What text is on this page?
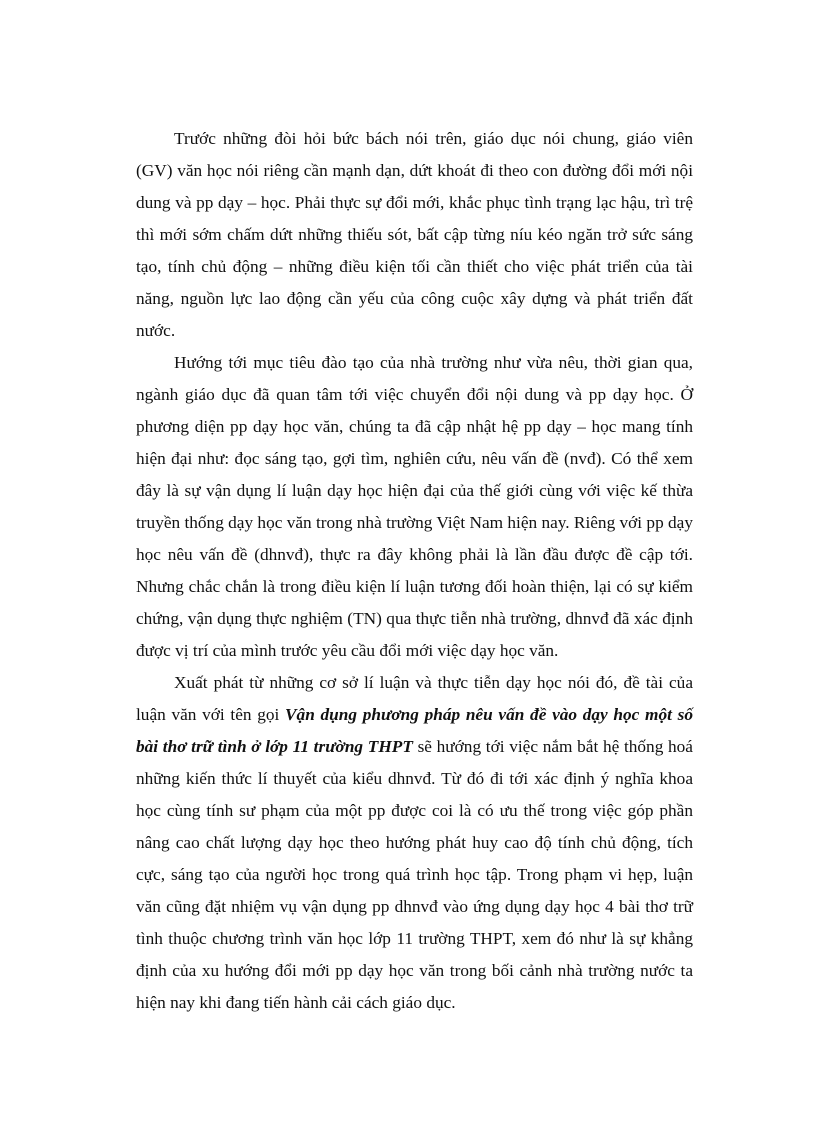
Trước những đòi hỏi bức bách nói trên, giáo dục nói chung, giáo viên (GV) văn học nói riêng cần mạnh dạn, dứt khoát đi theo con đường đổi mới nội dung và pp dạy – học. Phải thực sự đổi mới, khắc phục tình trạng lạc hậu, trì trệ thì mới sớm chấm dứt những thiếu sót, bất cập từng níu kéo ngăn trở sức sáng tạo, tính chủ động – những điều kiện tối cần thiết cho việc phát triển của tài năng, nguồn lực lao động cần yếu của công cuộc xây dựng và phát triển đất nước.

Hướng tới mục tiêu đào tạo của nhà trường như vừa nêu, thời gian qua, ngành giáo dục đã quan tâm tới việc chuyển đổi nội dung và pp dạy học. Ở phương diện pp dạy học văn, chúng ta đã cập nhật hệ pp dạy – học mang tính hiện đại như: đọc sáng tạo, gợi tìm, nghiên cứu, nêu vấn đề (nvđ). Có thể xem đây là sự vận dụng lí luận dạy học hiện đại của thế giới cùng với việc kế thừa truyền thống dạy học văn trong nhà trường Việt Nam hiện nay. Riêng với pp dạy học nêu vấn đề (dhnvđ), thực ra đây không phải là lần đầu được đề cập tới. Nhưng chắc chắn là trong điều kiện lí luận tương đối hoàn thiện, lại có sự kiểm chứng, vận dụng thực nghiệm (TN) qua thực tiễn nhà trường, dhnvđ đã xác định được vị trí của mình trước yêu cầu đổi mới việc dạy học văn.

Xuất phát từ những cơ sở lí luận và thực tiễn dạy học nói đó, đề tài của luận văn với tên gọi Vận dụng phương pháp nêu vấn đề vào dạy học một số bài thơ trữ tình ở lớp 11 trường THPT sẽ hướng tới việc nắm bắt hệ thống hoá những kiến thức lí thuyết của kiểu dhnvđ. Từ đó đi tới xác định ý nghĩa khoa học cùng tính sư phạm của một pp được coi là có ưu thế trong việc góp phần nâng cao chất lượng dạy học theo hướng phát huy cao độ tính chủ động, tích cực, sáng tạo của người học trong quá trình học tập. Trong phạm vi hẹp, luận văn cũng đặt nhiệm vụ vận dụng pp dhnvđ vào ứng dụng dạy học 4 bài thơ trữ tình thuộc chương trình văn học lớp 11 trường THPT, xem đó như là sự khẳng định của xu hướng đổi mới pp dạy học văn trong bối cảnh nhà trường nước ta hiện nay khi đang tiến hành cải cách giáo dục.
